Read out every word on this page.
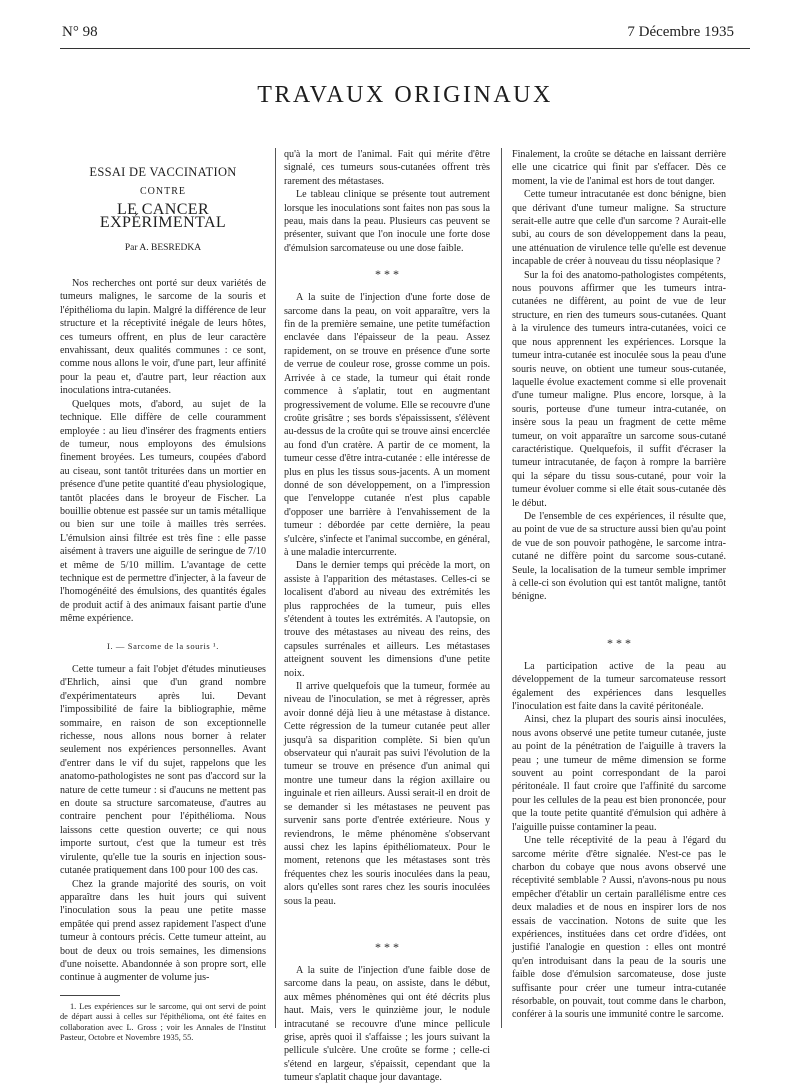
N° 98	7 Décembre 1935
TRAVAUX ORIGINAUX
ESSAI DE VACCINATION
CONTRE
LE CANCER EXPÉRIMENTAL
Par A. BESREDKA

Nos recherches ont porté sur deux variétés de tumeurs malignes, le sarcome de la souris et l'épithélioma du lapin. Malgré la différence de leur structure et la réceptivité inégale de leurs hôtes, ces tumeurs offrent, en plus de leur caractère envahissant, deux qualités communes : ce sont, comme nous allons le voir, d'une part, leur affinité pour la peau et, d'autre part, leur réaction aux inoculations intra-cutanées.

Quelques mots, d'abord, au sujet de la technique. Elle diffère de celle couramment employée : au lieu d'insérer des fragments entiers de tumeur, nous employons des émulsions finement broyées. Les tumeurs, coupées d'abord au ciseau, sont tantôt triturées dans un mortier en présence d'une petite quantité d'eau physiologique, tantôt placées dans le broyeur de Fischer. La bouillie obtenue est passée sur un tamis métallique ou bien sur une toile à mailles très serrées. L'émulsion ainsi filtrée est très fine : elle passe aisément à travers une aiguille de seringue de 7/10 et même de 5/10 millim. L'avantage de cette technique est de permettre d'injecter, à la faveur de l'homogénéité des émulsions, des quantités égales de produit actif à des animaux faisant partie d'une même expérience.

I. — Sarcome de la souris ¹.

Cette tumeur a fait l'objet d'études minutieuses d'Ehrlich, ainsi que d'un grand nombre d'expérimentateurs après lui. Devant l'impossibilité de faire la bibliographie, même sommaire, en raison de son exceptionnelle richesse, nous allons nous borner à relater seulement nos expériences personnelles. Avant d'entrer dans le vif du sujet, rappelons que les anatomo-pathologistes ne sont pas d'accord sur la nature de cette tumeur : si d'aucuns ne mettent pas en doute sa structure sarcomateuse, d'autres au contraire penchent pour l'épithélioma. Nous laissons cette question ouverte; ce qui nous importe surtout, c'est que la tumeur est très virulente, qu'elle tue la souris en injection sous-cutanée pratiquement dans 100 pour 100 des cas.

Chez la grande majorité des souris, on voit apparaître dans les huit jours qui suivent l'inoculation sous la peau une petite masse empâtée qui prend assez rapidement l'aspect d'une tumeur à contours précis. Cette tumeur atteint, au bout de deux ou trois semaines, les dimensions d'une noisette. Abandonnée à son propre sort, elle continue à augmenter de volume jus-

1. Les expériences sur le sarcome, qui ont servi de point de départ aussi à celles sur l'épithélioma, ont été faites en collaboration avec L. Gross ; voir les Annales de l'Institut Pasteur, Octobre et Novembre 1935, 55.

qu'à la mort de l'animal. Fait qui mérite d'être signalé, ces tumeurs sous-cutanées offrent très rarement des métastases.

Le tableau clinique se présente tout autrement lorsque les inoculations sont faites non pas sous la peau, mais dans la peau. Plusieurs cas peuvent se présenter, suivant que l'on inocule une forte dose d'émulsion sarcomateuse ou une dose faible.

* * *

A la suite de l'injection d'une forte dose de sarcome dans la peau, on voit apparaître, vers la fin de la première semaine, une petite tuméfaction enclavée dans l'épaisseur de la peau. Assez rapidement, on se trouve en présence d'une sorte de verrue de couleur rose, grosse comme un pois. Arrivée à ce stade, la tumeur qui était ronde commence à s'aplatir, tout en augmentant progressivement de volume. Elle se recouvre d'une croûte grisâtre ; ses bords s'épaississent, s'élèvent au-dessus de la croûte qui se trouve ainsi encerclée au fond d'un cratère. A partir de ce moment, la tumeur cesse d'être intra-cutanée : elle intéresse de plus en plus les tissus sous-jacents. A un moment donné de son développement, on a l'impression que l'enveloppe cutanée n'est plus capable d'opposer une barrière à l'envahissement de la tumeur : débordée par cette dernière, la peau s'ulcère, s'infecte et l'animal succombe, en général, à une maladie intercurrente.

Dans le dernier temps qui précède la mort, on assiste à l'apparition des métastases. Celles-ci se localisent d'abord au niveau des extrémités les plus rapprochées de la tumeur, puis elles s'étendent à toutes les extrémités. A l'autopsie, on trouve des métastases au niveau des reins, des capsules surrénales et ailleurs. Les métastases atteignent souvent les dimensions d'une petite noix.

Il arrive quelquefois que la tumeur, formée au niveau de l'inoculation, se met à régresser, après avoir donné déjà lieu à une métastase à distance. Cette régression de la tumeur cutanée peut aller jusqu'à sa disparition complète. Si bien qu'un observateur qui n'aurait pas suivi l'évolution de la tumeur se trouve en présence d'un animal qui montre une tumeur dans la région axillaire ou inguinale et rien ailleurs. Aussi serait-il en droit de se demander si les métastases ne peuvent pas survenir sans porte d'entrée extérieure. Nous y reviendrons, le même phénomène s'observant aussi chez les lapins épithéliomateux. Pour le moment, retenons que les métastases sont très fréquentes chez les souris inoculées dans la peau, alors qu'elles sont rares chez les souris inoculées sous la peau.

* * *

A la suite de l'injection d'une faible dose de sarcome dans la peau, on assiste, dans le début, aux mêmes phénomènes qui ont été décrits plus haut. Mais, vers le quinzième jour, le nodule intracutané se recouvre d'une mince pellicule grise, après quoi il s'affaisse ; les jours suivant la pellicule s'ulcère. Une croûte se forme ; celle-ci s'étend en largeur, s'épaissit, cependant que la tumeur s'aplatit chaque jour davantage.

Finalement, la croûte se détache en laissant derrière elle une cicatrice qui finit par s'effacer. Dès ce moment, la vie de l'animal est hors de tout danger.

Cette tumeur intracutanée est donc bénigne, bien que dérivant d'une tumeur maligne. Sa structure serait-elle autre que celle d'un sarcome ? Aurait-elle subi, au cours de son développement dans la peau, une atténuation de virulence telle qu'elle est devenue incapable de créer à nouveau du tissu néoplasique ?

Sur la foi des anatomo-pathologistes compétents, nous pouvons affirmer que les tumeurs intra-cutanées ne diffèrent, au point de vue de leur structure, en rien des tumeurs sous-cutanées. Quant à la virulence des tumeurs intra-cutanées, voici ce que nous apprennent les expériences. Lorsque la tumeur intra-cutanée est inoculée sous la peau d'une souris neuve, on obtient une tumeur sous-cutanée, laquelle évolue exactement comme si elle provenait d'une tumeur maligne. Plus encore, lorsque, à la souris, porteuse d'une tumeur intra-cutanée, on insère sous la peau un fragment de cette même tumeur, on voit apparaître un sarcome sous-cutané caractéristique. Quelquefois, il suffit d'écraser la tumeur intracutanée, de façon à rompre la barrière qui la sépare du tissu sous-cutané, pour voir la tumeur évoluer comme si elle était sous-cutanée dès le début.

De l'ensemble de ces expériences, il résulte que, au point de vue de sa structure aussi bien qu'au point de vue de son pouvoir pathogène, le sarcome intra-cutané ne diffère point du sarcome sous-cutané. Seule, la localisation de la tumeur semble imprimer à celle-ci son évolution qui est tantôt maligne, tantôt bénigne.

* * *

La participation active de la peau au développement de la tumeur sarcomateuse ressort également des expériences dans lesquelles l'inoculation est faite dans la cavité péritonéale.

Ainsi, chez la plupart des souris ainsi inoculées, nous avons observé une petite tumeur cutanée, juste au point de la pénétration de l'aiguille à travers la peau ; une tumeur de même dimension se forme souvent au point correspondant de la paroi péritonéale. Il faut croire que l'affinité du sarcome pour les cellules de la peau est bien prononcée, pour que la toute petite quantité d'émulsion qui adhère à l'aiguille puisse contaminer la peau.

Une telle réceptivité de la peau à l'égard du sarcome mérite d'être signalée. N'est-ce pas le charbon du cobaye que nous avons observé une réceptivité semblable ? Aussi, n'avons-nous pu nous empêcher d'établir un certain parallélisme entre ces deux maladies et de nous en inspirer lors de nos essais de vaccination. Notons de suite que les expériences, instituées dans cet ordre d'idées, ont justifié l'analogie en question : elles ont montré qu'en introduisant dans la peau de la souris une faible dose d'émulsion sarcomateuse, dose juste suffisante pour créer une tumeur intra-cutanée résorbable, on pouvait, tout comme dans le charbon, conférer à la souris une immunité contre le sarcome.
